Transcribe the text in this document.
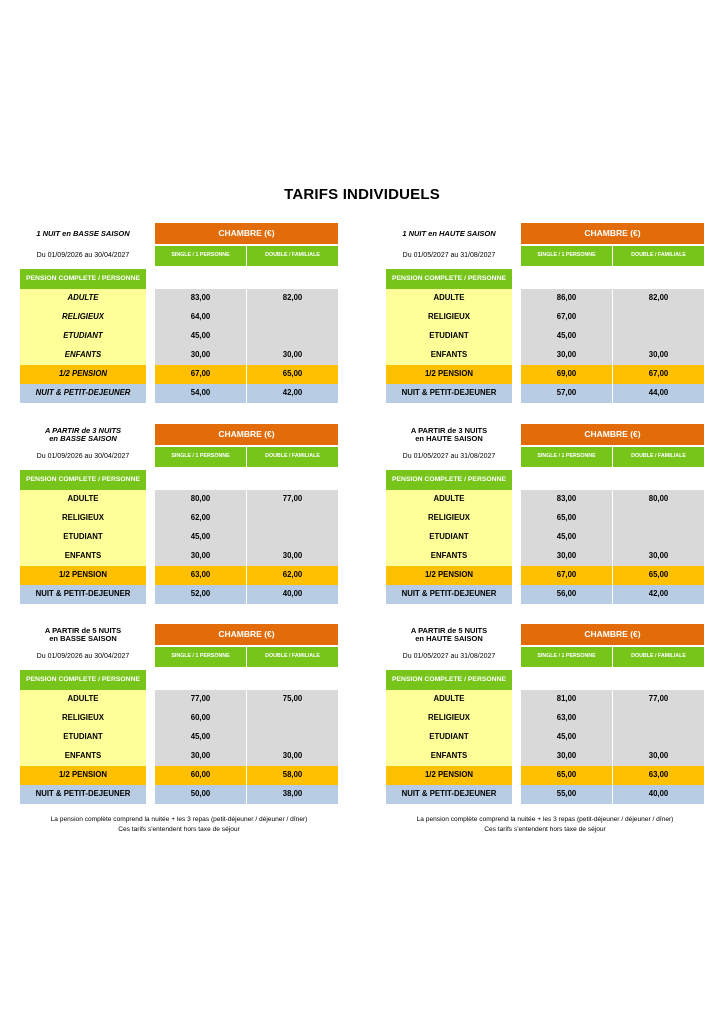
TARIFS INDIVIDUELS
1 NUIT en BASSE SAISON	CHAMBRE (€)
Du 01/09/2026 au 30/04/2027	SINGLE / 1 PERSONNE	DOUBLE / FAMILIALE
PENSION COMPLETE / PERSONNE
ADULTE	83,00	82,00
RELIGIEUX	64,00
ETUDIANT	45,00
ENFANTS	30,00	30,00
1/2 PENSION	67,00	65,00
NUIT & PETIT-DEJEUNER	54,00	42,00
1 NUIT en HAUTE SAISON	CHAMBRE (€)
Du 01/05/2027 au 31/08/2027	SINGLE / 1 PERSONNE	DOUBLE / FAMILIALE
PENSION COMPLETE / PERSONNE
ADULTE	86,00	82,00
RELIGIEUX	67,00
ETUDIANT	45,00
ENFANTS	30,00	30,00
1/2 PENSION	69,00	67,00
NUIT & PETIT-DEJEUNER	57,00	44,00
A PARTIR de 3 NUITS
en BASSE SAISON	CHAMBRE (€)
Du 01/09/2026 au 30/04/2027	SINGLE / 1 PERSONNE	DOUBLE / FAMILIALE
PENSION COMPLETE / PERSONNE
ADULTE	80,00	77,00
RELIGIEUX	62,00
ETUDIANT	45,00
ENFANTS	30,00	30,00
1/2 PENSION	63,00	62,00
NUIT & PETIT-DEJEUNER	52,00	40,00
A PARTIR de 3 NUITS
en HAUTE SAISON	CHAMBRE (€)
Du 01/05/2027 au 31/08/2027	SINGLE / 1 PERSONNE	DOUBLE / FAMILIALE
PENSION COMPLETE / PERSONNE
ADULTE	83,00	80,00
RELIGIEUX	65,00
ETUDIANT	45,00
ENFANTS	30,00	30,00
1/2 PENSION	67,00	65,00
NUIT & PETIT-DEJEUNER	56,00	42,00
A PARTIR de 5 NUITS
en BASSE SAISON	CHAMBRE (€)
Du 01/09/2026 au 30/04/2027	SINGLE / 1 PERSONNE	DOUBLE / FAMILIALE
PENSION COMPLETE / PERSONNE
ADULTE	77,00	75,00
RELIGIEUX	60,00
ETUDIANT	45,00
ENFANTS	30,00	30,00
1/2 PENSION	60,00	58,00
NUIT & PETIT-DEJEUNER	50,00	38,00
A PARTIR de 5 NUITS
en HAUTE SAISON	CHAMBRE (€)
Du 01/05/2027 au 31/08/2027	SINGLE / 1 PERSONNE	DOUBLE / FAMILIALE
PENSION COMPLETE / PERSONNE
ADULTE	81,00	77,00
RELIGIEUX	63,00
ETUDIANT	45,00
ENFANTS	30,00	30,00
1/2 PENSION	65,00	63,00
NUIT & PETIT-DEJEUNER	55,00	40,00
La pension complète comprend la nuitée + les 3 repas (petit-déjeuner / déjeuner / dîner)
Ces tarifs s'entendent hors taxe de séjour
La pension complète comprend la nuitée + les 3 repas (petit-déjeuner / déjeuner / dîner)
Ces tarifs s'entendent hors taxe de séjour
